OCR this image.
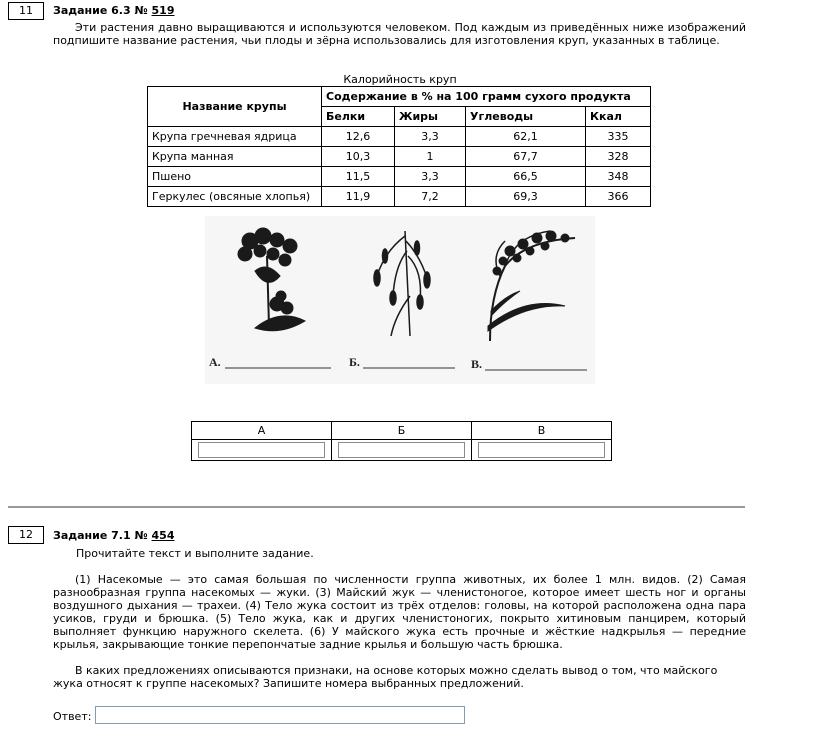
11	Задание 6.3 № 519
Эти растения давно выращиваются и используются человеком. Под каждым из приведённых ниже изображений подпишите название растения, чьи плоды и зёрна использовались для изготовления круп, указанных в таблице.
Калорийность круп
Название крупы	Содержание в % на 100 грамм сухого продукта			
	Белки	Жиры	Углеводы	Ккал
Крупа гречневая ядрица	12,6	3,3	62,1	335
Крупа манная	10,3	1	67,7	328
Пшено	11,5	3,3	66,5	348
Геркулес (овсяные хлопья)	11,9	7,2	69,3	366
А.	Б.	В.
А	Б	В

12	Задание 7.1 № 454
Прочитайте текст и выполните задание.
(1) Насекомые — это самая большая по численности группа животных, их более 1 млн. видов. (2) Самая разнообразная группа насекомых — жуки. (3) Майский жук — членистоногое, которое имеет шесть ног и органы воздушного дыхания — трахеи. (4) Тело жука состоит из трёх отделов: головы, на которой расположена одна пара усиков, груди и брюшка. (5) Тело жука, как и других членистоногих, покрыто хитиновым панцирем, который выполняет функцию наружного скелета. (6) У майского жука есть прочные и жёсткие надкрылья — передние крылья, закрывающие тонкие перепончатые задние крылья и большую часть брюшка.
В каких предложениях описываются признаки, на основе которых можно сделать вывод о том, что майского жука относят к группе насекомых? Запишите номера выбранных предложений.
Ответ:
